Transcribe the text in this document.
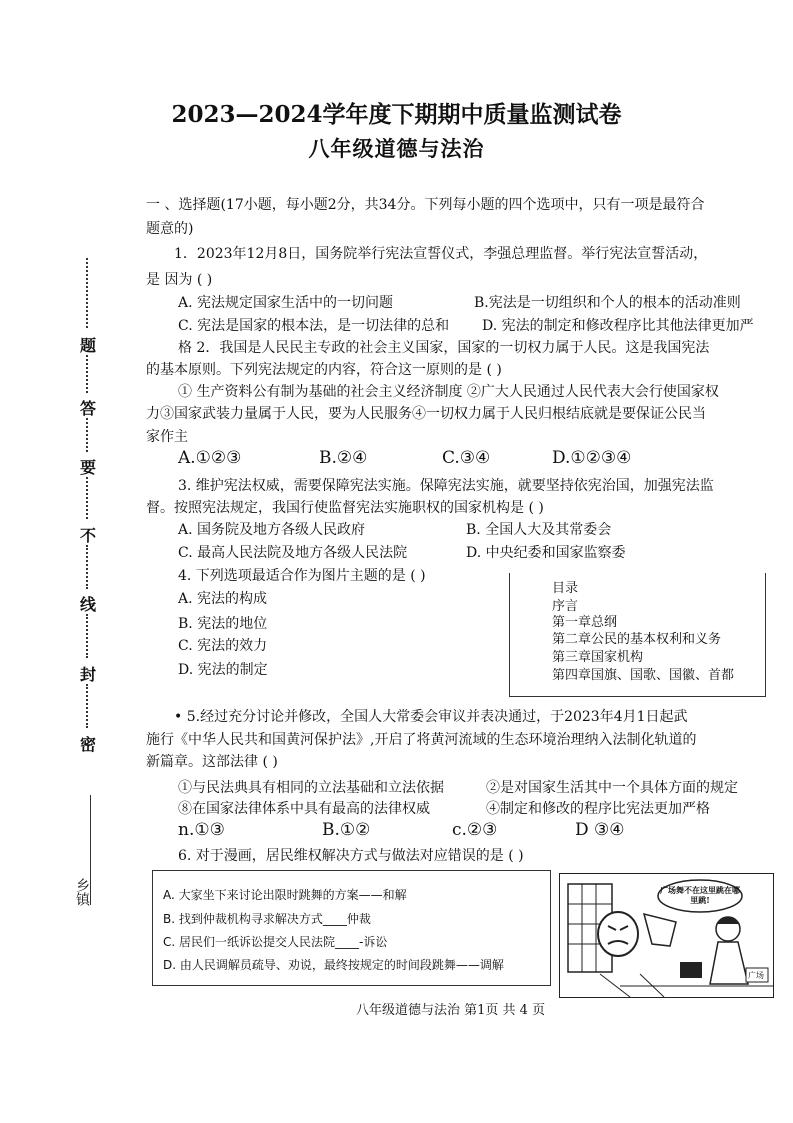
2023—2024学年度下期期中质量监测试卷
八年级道德与法治
题
答
要
不
线
封
密
乡镇
一 、选择题(17小题，每小题2分，共34分。下列每小题的四个选项中，只有一项是最符合
题意的)
1．2023年12月8日，国务院举行宪法宣誓仪式，李强总理监督。举行宪法宣誓活动，
是 因为 ( )
A. 宪法规定国家生活中的一切问题	B.宪法是一切组织和个人的根本的活动准则
C. 宪法是国家的根本法，是一切法律的总和 D. 宪法的制定和修改程序比其他法律更加严
格 2．我国是人民民主专政的社会主义国家，国家的一切权力属于人民。这是我国宪法
的基本原则。下列宪法规定的内容，符合这一原则的是 ( )
① 生产资料公有制为基础的社会主义经济制度 ②广大人民通过人民代表大会行使国家权
力③国家武装力量属于人民，要为人民服务④一切权力属于人民归根结底就是要保证公民当
家作主
A.①②③	B.②④	C.③④	D.①②③④
3. 维护宪法权威，需要保障宪法实施。保障宪法实施，就要坚持依宪治国，加强宪法监
督。按照宪法规定，我国行使监督宪法实施职权的国家机构是 ( )
A. 国务院及地方各级人民政府	B. 全国人大及其常委会
C. 最高人民法院及地方各级人民法院	D. 中央纪委和国家监察委
4. 下列选项最适合作为图片主题的是 ( )
A. 宪法的构成
B. 宪法的地位
C. 宪法的效力
D. 宪法的制定
目录
序言
第一章总纲
第二章公民的基本权利和义务
第三章国家机构
第四章国旗、国歌、国徽、首都
• 5.经过充分讨论并修改，全国人大常委会审议并表决通过，于2023年4月1日起武
施行《中华人民共和国黄河保护法》,开启了将黄河流域的生态环境治理纳入法制化轨道的
新篇章。这部法律 ( )
①与民法典具有相同的立法基础和立法依据	②是对国家生活其中一个具体方面的规定
⑧在国家法律体系中具有最高的法律权威	④制定和修改的程序比宪法更加严格
n.①③	B.①②	c.②③	D ③④
6. 对于漫画，居民维权解决方式与做法对应错误的是 ( )
A. 大家坐下来讨论出限时跳舞的方案——和解
B. 找到仲裁机构寻求解决方式____仲裁
C. 居民们一纸诉讼提交人民法院____-诉讼
D. 由人民调解员疏导、劝说，最终按规定的时间段跳舞——调解
广场舞不在这里跳在哪里跳!
广场
八年级道德与法治 第1页 共 4 页
